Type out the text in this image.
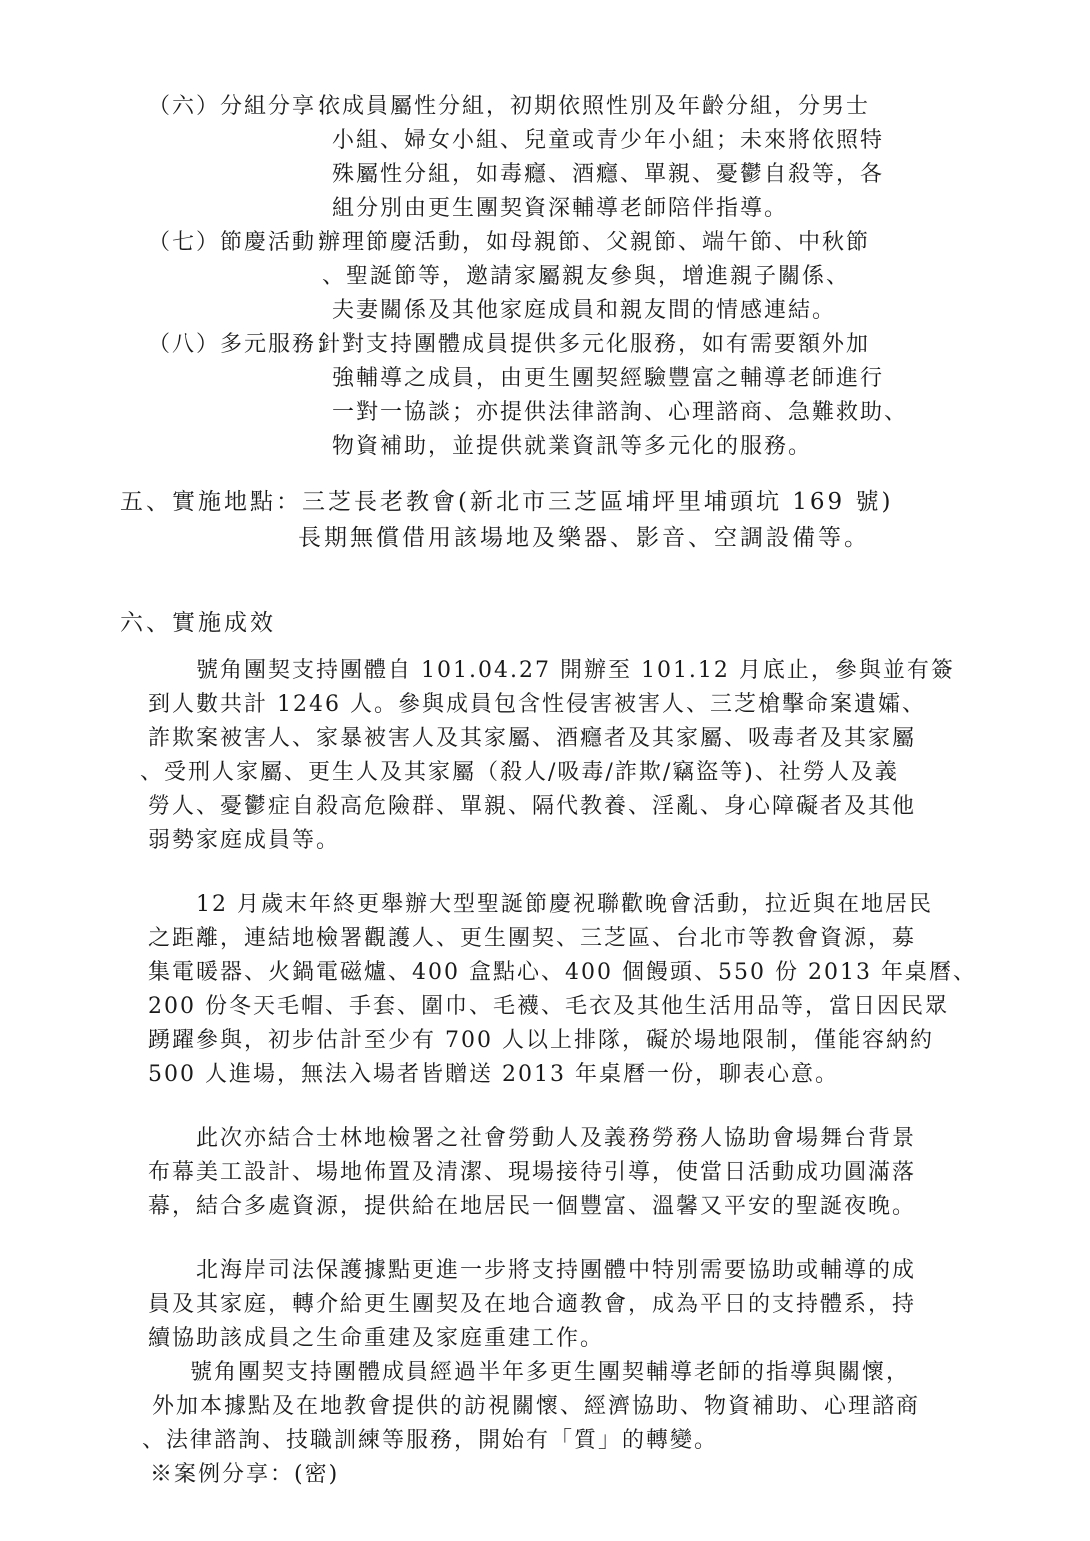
（六）分組分享：
依成員屬性分組，初期依照性別及年齡分組，分男士
小組、婦女小組、兒童或青少年小組；未來將依照特
殊屬性分組，如毒癮、酒癮、單親、憂鬱自殺等，各
組分別由更生團契資深輔導老師陪伴指導。
（七）節慶活動：
辦理節慶活動，如母親節、父親節、端午節、中秋節
、聖誕節等，邀請家屬親友參與，增進親子關係、
夫妻關係及其他家庭成員和親友間的情感連結。
（八）多元服務：
針對支持團體成員提供多元化服務，如有需要額外加
強輔導之成員，由更生團契經驗豐富之輔導老師進行
一對一協談；亦提供法律諮詢、心理諮商、急難救助、
物資補助，並提供就業資訊等多元化的服務。
五、實施地點：三芝長老教會(新北市三芝區埔坪里埔頭坑 169 號)
長期無償借用該場地及樂器、影音、空調設備等。
六、實施成效
號角團契支持團體自 101.04.27 開辦至 101.12 月底止，參與並有簽
到人數共計 1246 人。參與成員包含性侵害被害人、三芝槍擊命案遺孀、
詐欺案被害人、家暴被害人及其家屬、酒癮者及其家屬、吸毒者及其家屬
、受刑人家屬、更生人及其家屬（殺人/吸毒/詐欺/竊盜等)、社勞人及義
勞人、憂鬱症自殺高危險群、單親、隔代教養、淫亂、身心障礙者及其他
弱勢家庭成員等。
12 月歲末年終更舉辦大型聖誕節慶祝聯歡晚會活動，拉近與在地居民
之距離，連結地檢署觀護人、更生團契、三芝區、台北市等教會資源，募
集電暖器、火鍋電磁爐、400 盒點心、400 個饅頭、550 份 2013 年桌曆、
200 份冬天毛帽、手套、圍巾、毛襪、毛衣及其他生活用品等，當日因民眾
踴躍參與，初步估計至少有 700 人以上排隊，礙於場地限制，僅能容納約
500 人進場，無法入場者皆贈送 2013 年桌曆一份，聊表心意。
此次亦結合士林地檢署之社會勞動人及義務勞務人協助會場舞台背景
布幕美工設計、場地佈置及清潔、現場接待引導，使當日活動成功圓滿落
幕，結合多處資源，提供給在地居民一個豐富、溫馨又平安的聖誕夜晚。
北海岸司法保護據點更進一步將支持團體中特別需要協助或輔導的成
員及其家庭，轉介給更生團契及在地合適教會，成為平日的支持體系，持
續協助該成員之生命重建及家庭重建工作。
號角團契支持團體成員經過半年多更生團契輔導老師的指導與關懷，
外加本據點及在地教會提供的訪視關懷、經濟協助、物資補助、心理諮商
、法律諮詢、技職訓練等服務，開始有「質」的轉變。
※案例分享：(密)
